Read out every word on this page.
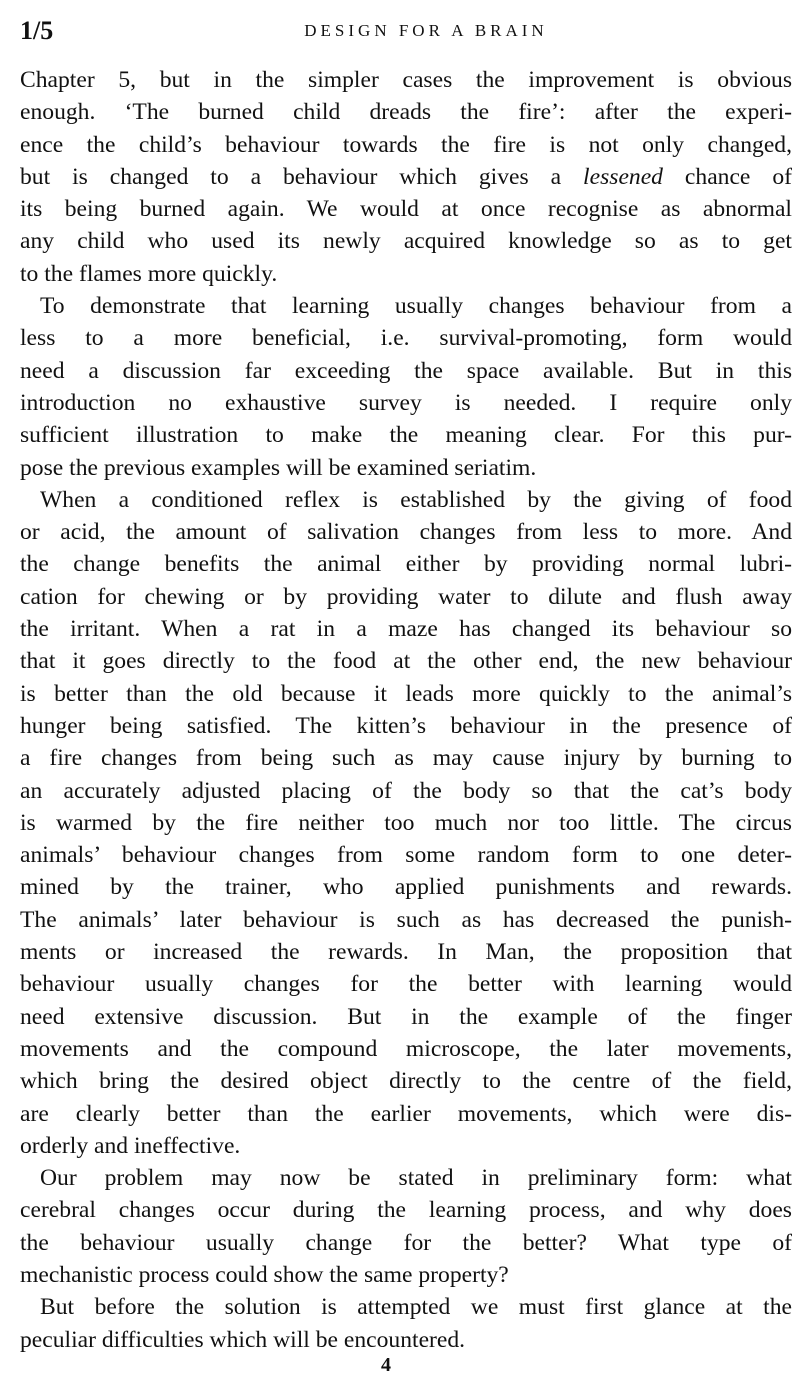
1/5	DESIGN FOR A BRAIN
Chapter 5, but in the simpler cases the improvement is obvious
enough. ‘The burned child dreads the fire’: after the experi-
ence the child’s behaviour towards the fire is not only changed,
but is changed to a behaviour which gives a lessened chance of
its being burned again. We would at once recognise as abnormal
any child who used its newly acquired knowledge so as to get
to the flames more quickly.
To demonstrate that learning usually changes behaviour from a
less to a more beneficial, i.e. survival-promoting, form would
need a discussion far exceeding the space available. But in this
introduction no exhaustive survey is needed. I require only
sufficient illustration to make the meaning clear. For this pur-
pose the previous examples will be examined seriatim.
When a conditioned reflex is established by the giving of food
or acid, the amount of salivation changes from less to more. And
the change benefits the animal either by providing normal lubri-
cation for chewing or by providing water to dilute and flush away
the irritant. When a rat in a maze has changed its behaviour so
that it goes directly to the food at the other end, the new behaviour
is better than the old because it leads more quickly to the animal’s
hunger being satisfied. The kitten’s behaviour in the presence of
a fire changes from being such as may cause injury by burning to
an accurately adjusted placing of the body so that the cat’s body
is warmed by the fire neither too much nor too little. The circus
animals’ behaviour changes from some random form to one deter-
mined by the trainer, who applied punishments and rewards.
The animals’ later behaviour is such as has decreased the punish-
ments or increased the rewards. In Man, the proposition that
behaviour usually changes for the better with learning would
need extensive discussion. But in the example of the finger
movements and the compound microscope, the later movements,
which bring the desired object directly to the centre of the field,
are clearly better than the earlier movements, which were dis-
orderly and ineffective.
Our problem may now be stated in preliminary form: what
cerebral changes occur during the learning process, and why does
the behaviour usually change for the better? What type of
mechanistic process could show the same property?
But before the solution is attempted we must first glance at the
peculiar difficulties which will be encountered.
4
